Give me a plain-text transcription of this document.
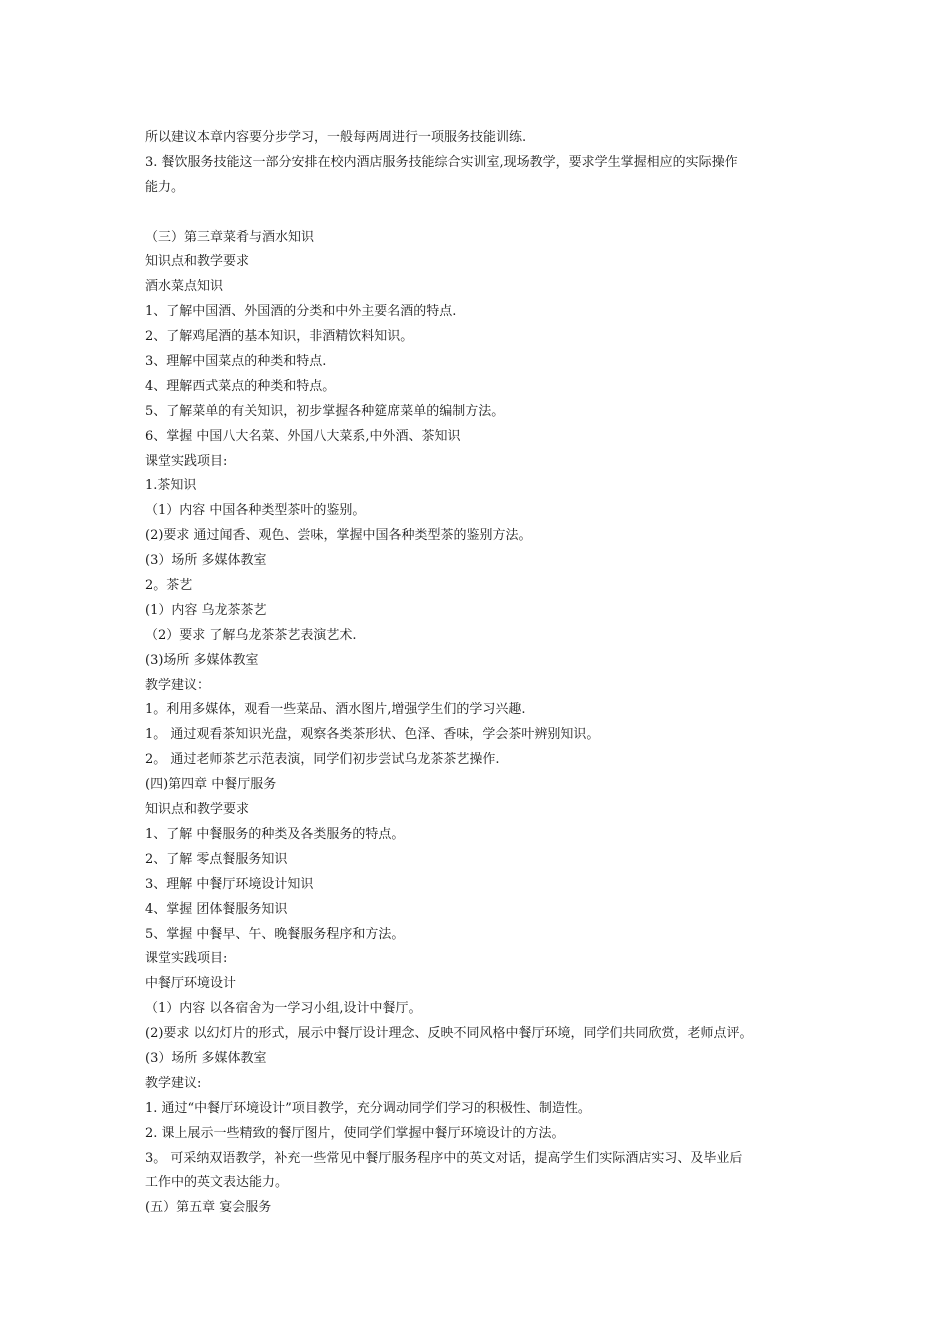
所以建议本章内容要分步学习，一般每两周进行一项服务技能训练.
3. 餐饮服务技能这一部分安排在校内酒店服务技能综合实训室,现场教学，要求学生掌握相应的实际操作
能力。
（三）第三章菜肴与酒水知识
知识点和教学要求
酒水菜点知识
1、了解中国酒、外国酒的分类和中外主要名酒的特点.
2、了解鸡尾酒的基本知识，非酒精饮料知识。
3、理解中国菜点的种类和特点.
4、理解西式菜点的种类和特点。
5、了解菜单的有关知识，初步掌握各种筵席菜单的编制方法。
6、掌握 中国八大名菜、外国八大菜系,中外酒、茶知识
课堂实践项目:
1.茶知识
（1）内容 中国各种类型茶叶的鉴别。
(2)要求 通过闻香、观色、尝味，掌握中国各种类型茶的鉴别方法。
(3）场所 多媒体教室
2。茶艺
(1）内容 乌龙茶茶艺
（2）要求 了解乌龙茶茶艺表演艺术.
(3)场所 多媒体教室
教学建议：
1。利用多媒体，观看一些菜品、酒水图片,增强学生们的学习兴趣.
1。 通过观看茶知识光盘，观察各类茶形状、色泽、香味，学会茶叶辨别知识。
2。 通过老师茶艺示范表演，同学们初步尝试乌龙茶茶艺操作.
(四)第四章 中餐厅服务
知识点和教学要求
1、了解 中餐服务的种类及各类服务的特点。
2、了解 零点餐服务知识
3、理解 中餐厅环境设计知识
4、掌握 团体餐服务知识
5、掌握 中餐早、午、晚餐服务程序和方法。
课堂实践项目:
中餐厅环境设计
（1）内容 以各宿舍为一学习小组,设计中餐厅。
(2)要求 以幻灯片的形式，展示中餐厅设计理念、反映不同风格中餐厅环境，同学们共同欣赏，老师点评。
(3）场所 多媒体教室
教学建议:
1. 通过“中餐厅环境设计”项目教学，充分调动同学们学习的积极性、制造性。
2. 课上展示一些精致的餐厅图片，使同学们掌握中餐厅环境设计的方法。
3。 可采纳双语教学，补充一些常见中餐厅服务程序中的英文对话，提高学生们实际酒店实习、及毕业后
工作中的英文表达能力。
(五）第五章 宴会服务
